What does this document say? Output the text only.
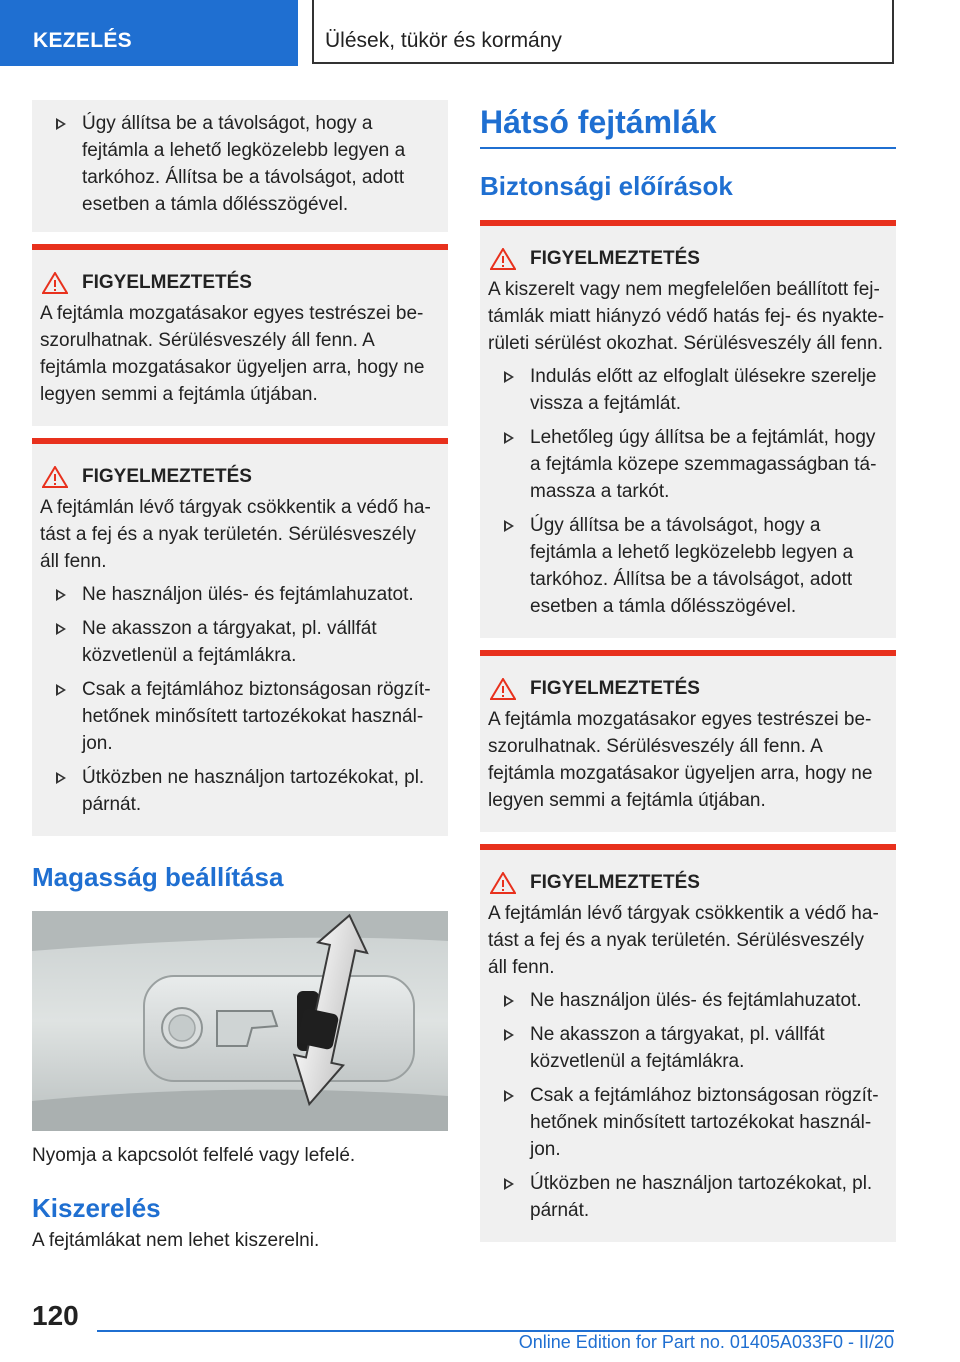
KEZELÉS	Ülések, tükör és kormány
Úgy állítsa be a távolságot, hogy a fejtámla a lehető legközelebb legyen a tarkóhoz. Állítsa be a távolságot, adott esetben a támla dőlésszögével.
FIGYELMEZTETÉS

A fejtámla mozgatásakor egyes testrészei beszorulhatnak. Sérülésveszély áll fenn. A fejtámla mozgatásakor ügyeljen arra, hogy ne legyen semmi a fejtámla útjában.

FIGYELMEZTETÉS

A fejtámlán lévő tárgyak csökkentik a védő hatást a fej és a nyak területén. Sérülésveszély áll fenn.

Ne használjon ülés- és fejtámlahuzatot.
Ne akasszon a tárgyakat, pl. vállfát közvetlenül a fejtámlákra.
Csak a fejtámlához biztonságosan rögzíthetőnek minősített tartozékokat használjon.
Útközben ne használjon tartozékokat, pl. párnát.
Magasság beállítása

Nyomja a kapcsolót felfelé vagy lefelé.

Kiszerelés

A fejtámlákat nem lehet kiszerelni.

Hátsó fejtámlák
Biztonsági előírások
FIGYELMEZTETÉS

A kiszerelt vagy nem megfelelően beállított fejtámlák miatt hiányzó védő hatás fej- és nyakterületi sérülést okozhat. Sérülésveszély áll fenn.

Indulás előtt az elfoglalt ülésekre szerelje vissza a fejtámlát.
Lehetőleg úgy állítsa be a fejtámlát, hogy a fejtámla közepe szemmagasságban támassza a tarkót.
Úgy állítsa be a távolságot, hogy a fejtámla a lehető legközelebb legyen a tarkóhoz. Állítsa be a távolságot, adott esetben a támla dőlésszögével.
FIGYELMEZTETÉS

A fejtámla mozgatásakor egyes testrészei beszorulhatnak. Sérülésveszély áll fenn. A fejtámla mozgatásakor ügyeljen arra, hogy ne legyen semmi a fejtámla útjában.

FIGYELMEZTETÉS

A fejtámlán lévő tárgyak csökkentik a védő hatást a fej és a nyak területén. Sérülésveszély áll fenn.

Ne használjon ülés- és fejtámlahuzatot.
Ne akasszon a tárgyakat, pl. vállfát közvetlenül a fejtámlákra.
Csak a fejtámlához biztonságosan rögzíthetőnek minősített tartozékokat használjon.
Útközben ne használjon tartozékokat, pl. párnát.
120
Online Edition for Part no. 01405A033F0 - II/20
